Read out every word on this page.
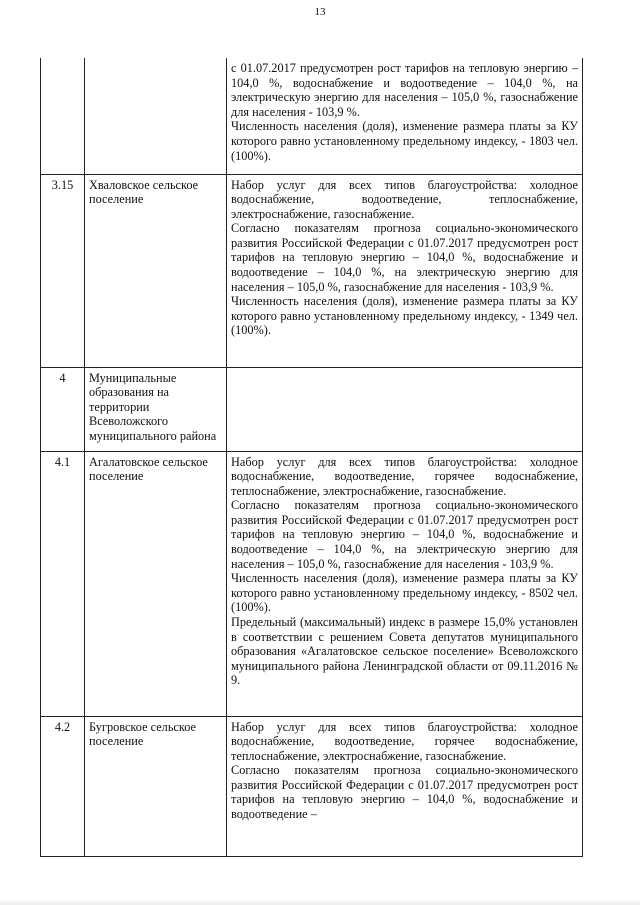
13

		с 01.07.2017 предусмотрен рост тарифов на тепловую энергию – 104,0 %, водоснабжение и водоотведение – 104,0 %, на электрическую энергию для населения – 105,0 %, газоснабжение для населения - 103,9 %.

Численность населения (доля), изменение размера платы за КУ которого равно установленному предельному индексу, - 1803 чел. (100%).

3.15	Хваловское сельское поселение	Набор услуг для всех типов благоустройства: холодное водоснабжение, водоотведение, теплоснабжение, электроснабжение, газоснабжение.

Согласно показателям прогноза социально-экономического развития Российской Федерации с 01.07.2017 предусмотрен рост тарифов на тепловую энергию – 104,0 %, водоснабжение и водоотведение – 104,0 %, на электрическую энергию для населения – 105,0 %, газоснабжение для населения - 103,9 %.

Численность населения (доля), изменение размера платы за КУ которого равно установленному предельному индексу, - 1349 чел. (100%).

4	Муниципальные образования на территории Всеволожского муниципального района	
4.1	Агалатовское сельское поселение	Набор услуг для всех типов благоустройства: холодное водоснабжение, водоотведение, горячее водоснабжение, теплоснабжение, электроснабжение, газоснабжение.

Согласно показателям прогноза социально-экономического развития Российской Федерации с 01.07.2017 предусмотрен рост тарифов на тепловую энергию – 104,0 %, водоснабжение и водоотведение – 104,0 %, на электрическую энергию для населения – 105,0 %, газоснабжение для населения - 103,9 %.

Численность населения (доля), изменение размера платы за КУ которого равно установленному предельному индексу, - 8502 чел. (100%).

Предельный (максимальный) индекс в размере 15,0% установлен в соответствии с решением Совета депутатов муниципального образования «Агалатовское сельское поселение» Всеволожского муниципального района Ленинградской области от 09.11.2016 № 9.

4.2	Бугровское сельское поселение	Набор услуг для всех типов благоустройства: холодное водоснабжение, водоотведение, горячее водоснабжение, теплоснабжение, электроснабжение, газоснабжение.

Согласно показателям прогноза социально-экономического развития Российской Федерации с 01.07.2017 предусмотрен рост тарифов на тепловую энергию – 104,0 %, водоснабжение и водоотведение –
